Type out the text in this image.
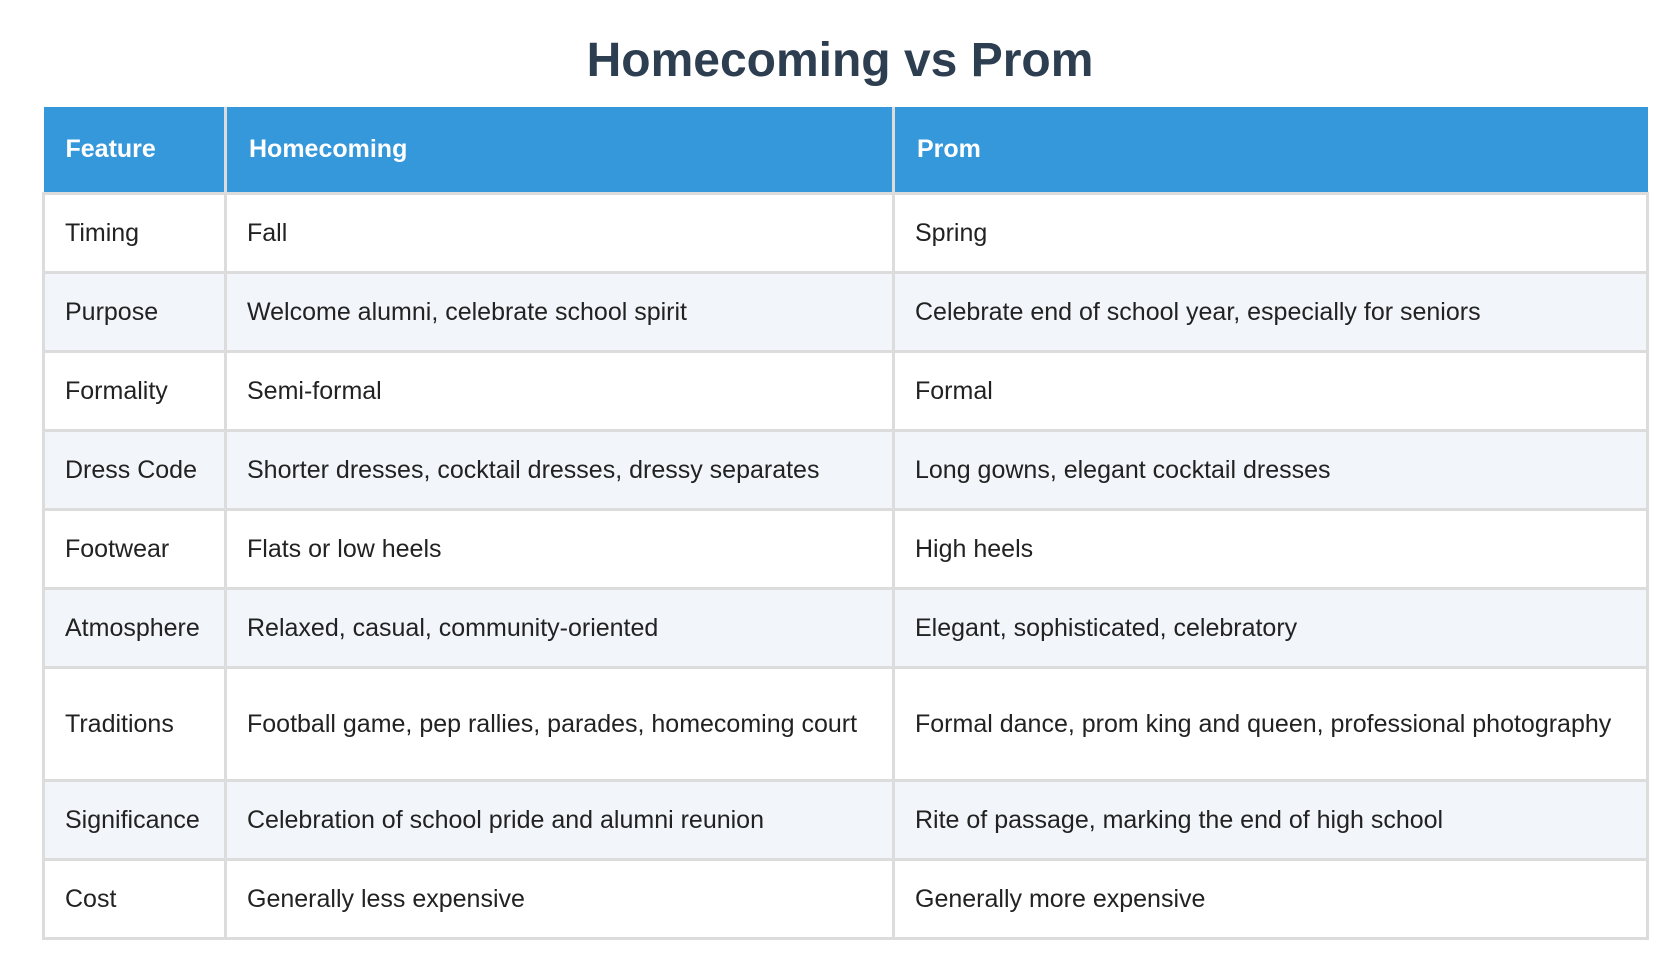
Homecoming vs Prom
Feature	Homecoming	Prom
Timing	Fall	Spring
Purpose	Welcome alumni, celebrate school spirit	Celebrate end of school year, especially for seniors
Formality	Semi-formal	Formal
Dress Code	Shorter dresses, cocktail dresses, dressy separates	Long gowns, elegant cocktail dresses
Footwear	Flats or low heels	High heels
Atmosphere	Relaxed, casual, community-oriented	Elegant, sophisticated, celebratory
Traditions	Football game, pep rallies, parades, homecoming court	Formal dance, prom king and queen, professional photography
Significance	Celebration of school pride and alumni reunion	Rite of passage, marking the end of high school
Cost	Generally less expensive	Generally more expensive
